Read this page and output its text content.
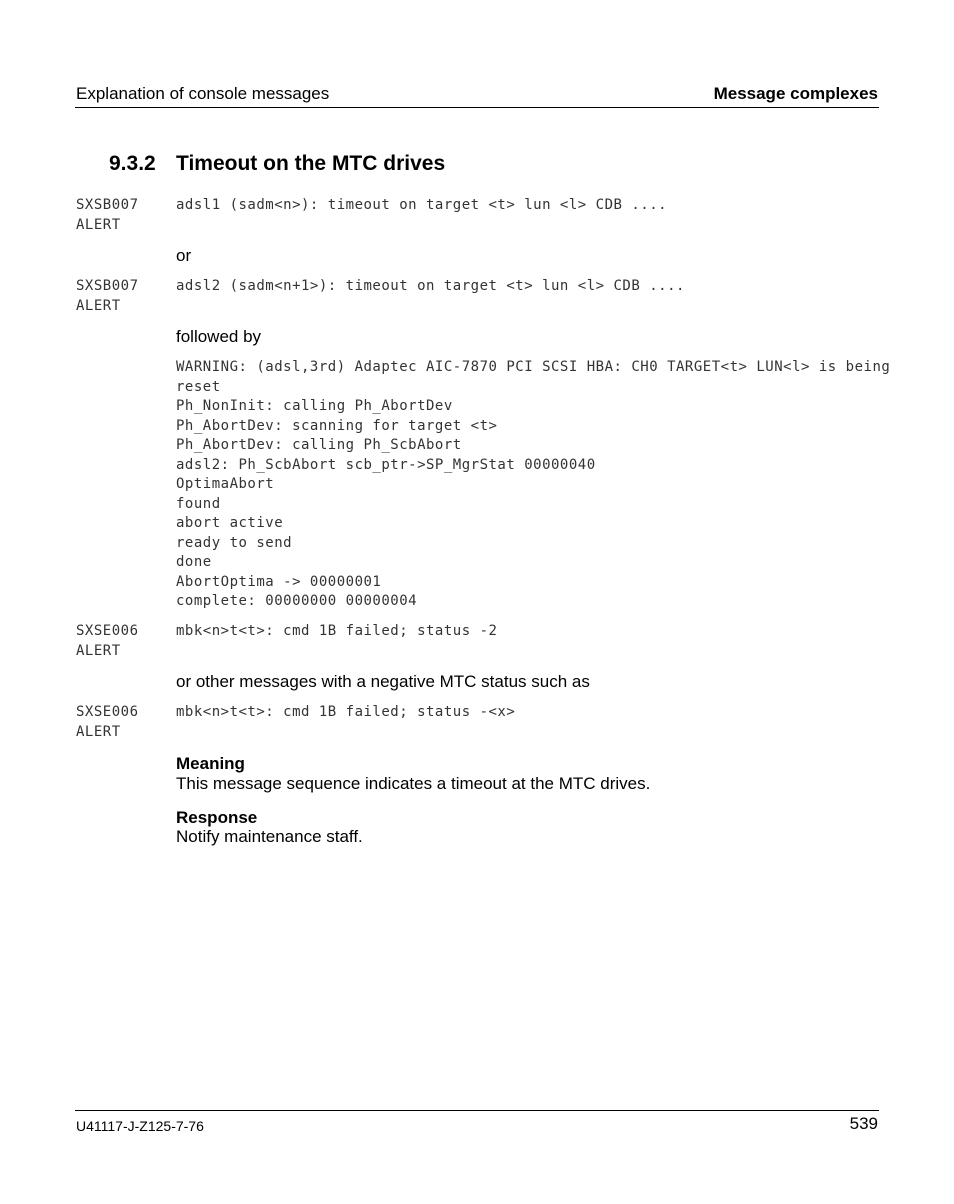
Explanation of console messages	Message complexes
9.3.2 Timeout on the MTC drives
SXSB007
ALERT
adsl1 (sadm<n>): timeout on target <t> lun <l> CDB ....
or
SXSB007
ALERT
adsl2 (sadm<n+1>): timeout on target <t> lun <l> CDB ....
followed by
WARNING: (adsl,3rd) Adaptec AIC-7870 PCI SCSI HBA: CH0 TARGET<t> LUN<l> is being
reset
Ph_NonInit: calling Ph_AbortDev
Ph_AbortDev: scanning for target <t>
Ph_AbortDev: calling Ph_ScbAbort
adsl2: Ph_ScbAbort scb_ptr->SP_MgrStat 00000040
OptimaAbort
found
abort active
ready to send
done
AbortOptima -> 00000001
complete: 00000000 00000004
SXSE006
ALERT
mbk<n>t<t>: cmd 1B failed; status -2
or other messages with a negative MTC status such as
SXSE006
ALERT
mbk<n>t<t>: cmd 1B failed; status -<x>
Meaning
This message sequence indicates a timeout at the MTC drives.
Response
Notify maintenance staff.
U41117-J-Z125-7-76	539
